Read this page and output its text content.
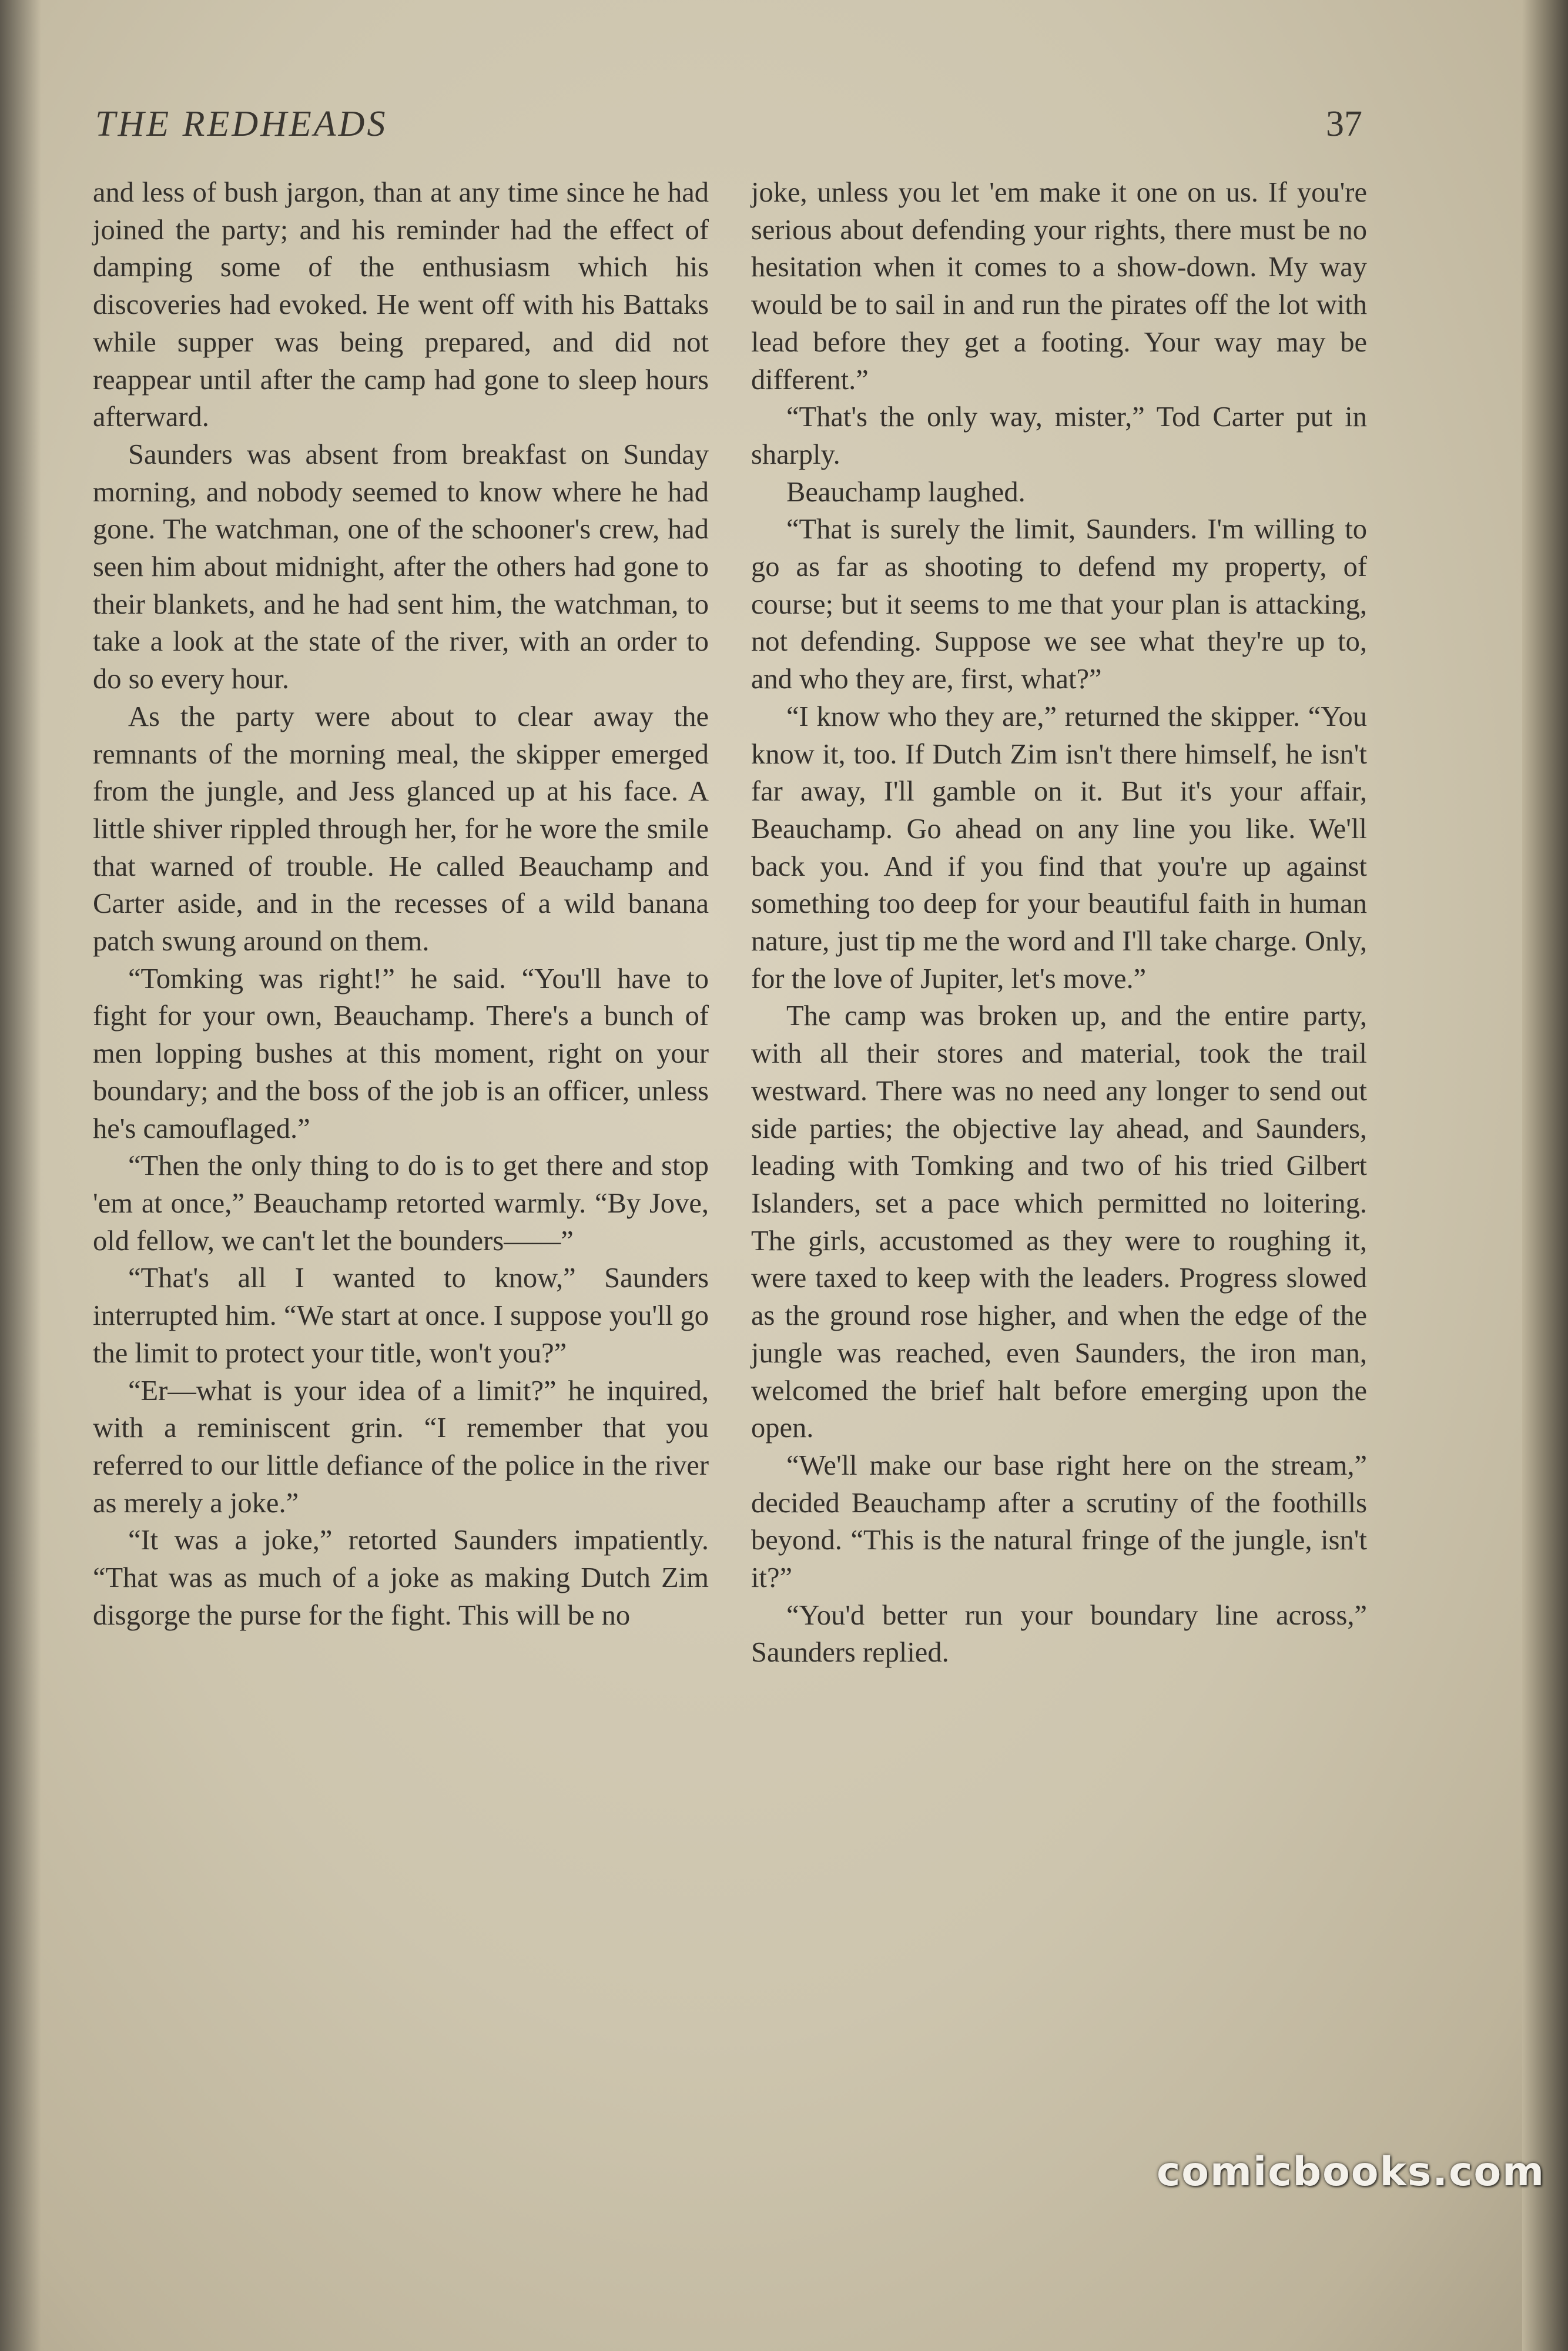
THE REDHEADS	37

and less of bush jargon, than at any time since he had joined the party; and his reminder had the effect of damping some of the enthusiasm which his discoveries had evoked. He went off with his Battaks while supper was being prepared, and did not reappear until after the camp had gone to sleep hours afterward.

Saunders was absent from breakfast on Sunday morning, and nobody seemed to know where he had gone. The watchman, one of the schooner's crew, had seen him about midnight, after the others had gone to their blankets, and he had sent him, the watchman, to take a look at the state of the river, with an order to do so every hour.

As the party were about to clear away the remnants of the morning meal, the skipper emerged from the jungle, and Jess glanced up at his face. A little shiver rippled through her, for he wore the smile that warned of trouble. He called Beauchamp and Carter aside, and in the recesses of a wild banana patch swung around on them.

“Tomking was right!” he said. “You'll have to fight for your own, Beauchamp. There's a bunch of men lopping bushes at this moment, right on your boundary; and the boss of the job is an officer, unless he's camouflaged.”

“Then the only thing to do is to get there and stop 'em at once,” Beauchamp retorted warmly. “By Jove, old fellow, we can't let the bounders——”

“That's all I wanted to know,” Saunders interrupted him. “We start at once. I suppose you'll go the limit to protect your title, won't you?”

“Er—what is your idea of a limit?” he inquired, with a reminiscent grin. “I remember that you referred to our little defiance of the police in the river as merely a joke.”

“It was a joke,” retorted Saunders impatiently. “That was as much of a joke as making Dutch Zim disgorge the purse for the fight. This will be no

joke, unless you let 'em make it one on us. If you're serious about defending your rights, there must be no hesitation when it comes to a show-down. My way would be to sail in and run the pirates off the lot with lead before they get a footing. Your way may be different.”

“That's the only way, mister,” Tod Carter put in sharply.

Beauchamp laughed.

“That is surely the limit, Saunders. I'm willing to go as far as shooting to defend my property, of course; but it seems to me that your plan is attacking, not defending. Suppose we see what they're up to, and who they are, first, what?”

“I know who they are,” returned the skipper. “You know it, too. If Dutch Zim isn't there himself, he isn't far away, I'll gamble on it. But it's your affair, Beauchamp. Go ahead on any line you like. We'll back you. And if you find that you're up against something too deep for your beautiful faith in human nature, just tip me the word and I'll take charge. Only, for the love of Jupiter, let's move.”

The camp was broken up, and the entire party, with all their stores and material, took the trail westward. There was no need any longer to send out side parties; the objective lay ahead, and Saunders, leading with Tomking and two of his tried Gilbert Islanders, set a pace which permitted no loitering. The girls, accustomed as they were to roughing it, were taxed to keep with the leaders. Progress slowed as the ground rose higher, and when the edge of the jungle was reached, even Saunders, the iron man, welcomed the brief halt before emerging upon the open.

“We'll make our base right here on the stream,” decided Beauchamp after a scrutiny of the foothills beyond. “This is the natural fringe of the jungle, isn't it?”

“You'd better run your boundary line across,” Saunders replied.

comicbooks.com
